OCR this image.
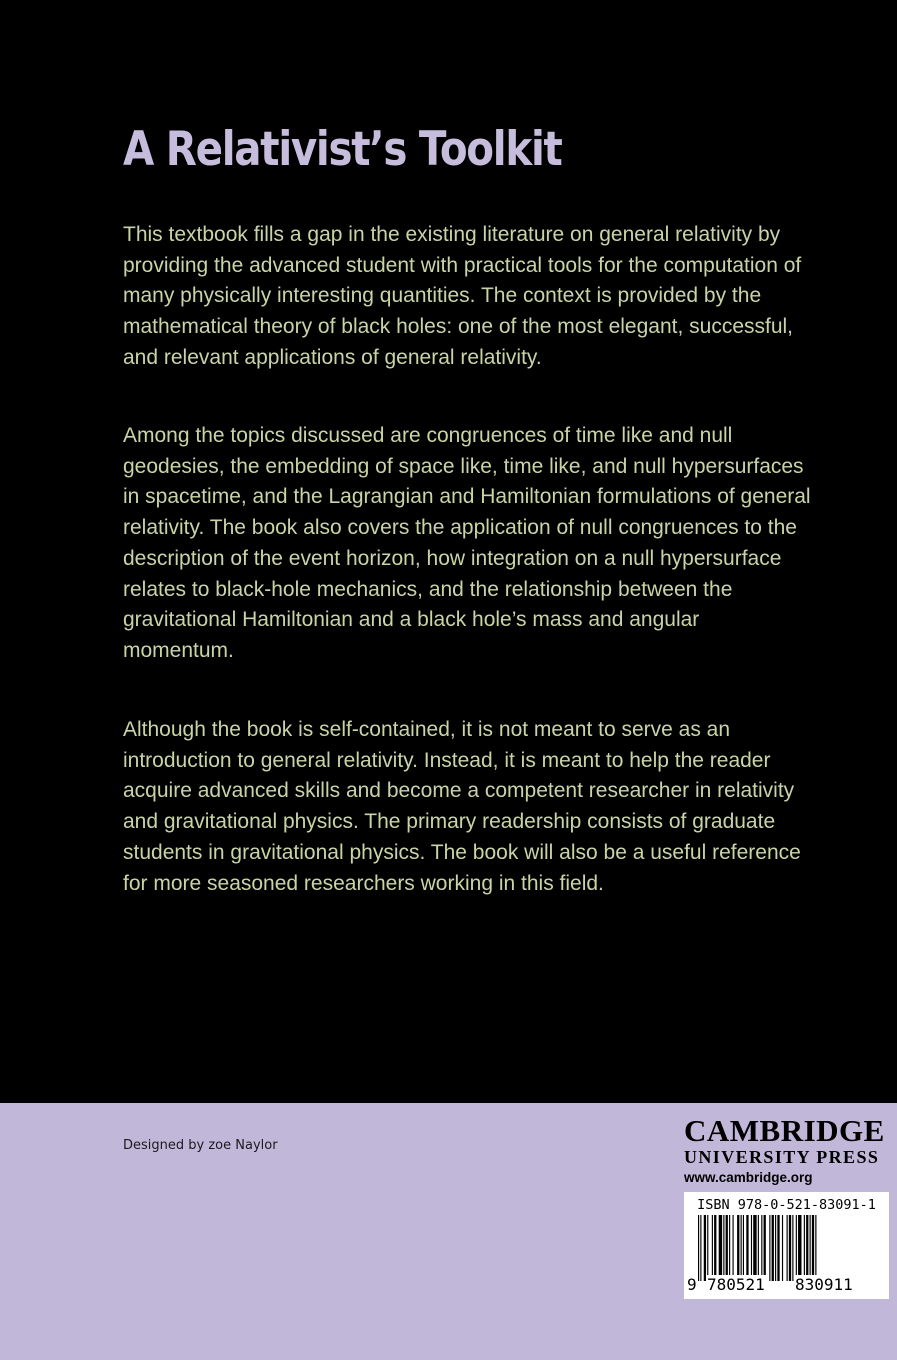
A Relativist’s Toolkit

This textbook fills a gap in the existing literature on general relativity by providing the advanced student with practical tools for the computation of many physically interesting quantities. The context is provided by the mathematical theory of black holes: one of the most elegant, successful, and relevant applications of general relativity.

Among the topics discussed are congruences of time like and null geodesies, the embedding of space like, time like, and null hypersurfaces in spacetime, and the Lagrangian and Hamiltonian formulations of general relativity. The book also covers the application of null congruences to the description of the event horizon, how integration on a null hypersurface relates to black-hole mechanics, and the relationship between the gravitational Hamiltonian and a black hole’s mass and angular momentum.

Although the book is self-contained, it is not meant to serve as an introduction to general relativity. Instead, it is meant to help the reader acquire advanced skills and become a competent researcher in relativity and gravitational physics. The primary readership consists of graduate students in gravitational physics. The book will also be a useful reference for more seasoned researchers working in this field.

Designed by zoe Naylor	CAMBRIDGE
UNIVERSITY PRESS
www.cambridge.org
ISBN 978-0-521-83091-1
9 780521 830911
